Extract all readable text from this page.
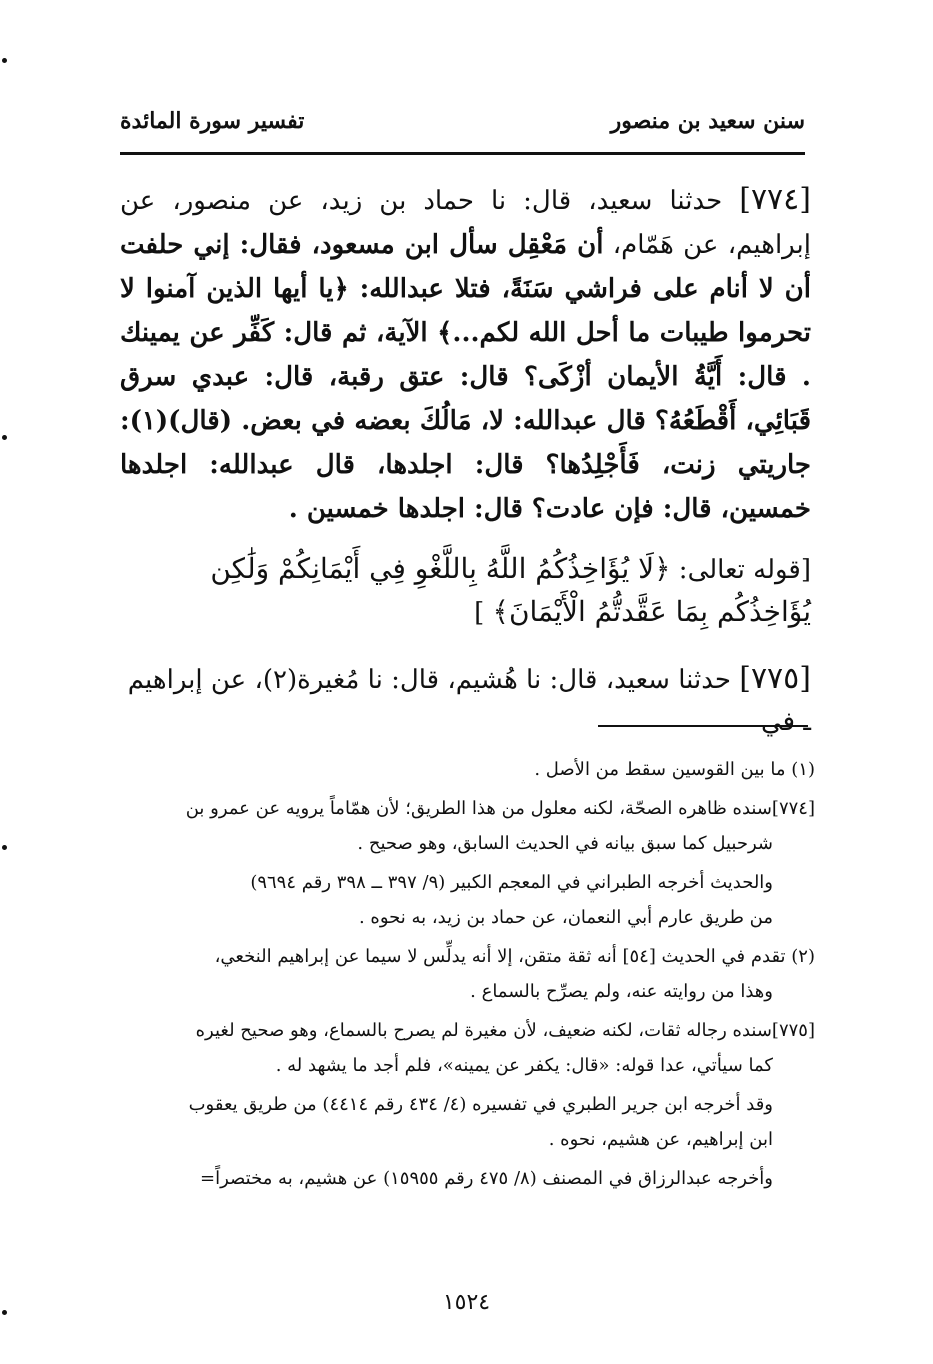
سنن سعيد بن منصور
تفسير سورة المائدة

[٧٧٤] حدثنا سعيد، قال: نا حماد بن زيد، عن منصور، عن إبراهيم، عن هَمّام، أن مَعْقِل سأل ابن مسعود، فقال: إني حلفت أن لا أنام على فراشي سَنَةً، فتلا عبدالله: ﴿يا أيها الذين آمنوا لا تحرموا طيبات ما أحل الله لكم...﴾ الآية، ثم قال: كَفِّر عن يمينك . قال: أَيَّةُ الأيمان أزْكَى؟ قال: عتق رقبة، قال: عبدي سرق قَبَائِي، أَقْطَعُهُ؟ قال عبدالله: لا، مَالُكَ بعضه في بعض. (قال)(١): جاريتي زنت، فَأَجْلِدُها؟ قال: اجلدها، قال عبدالله: اجلدها خمسين، قال: فإن عادت؟ قال: اجلدها خمسين .

[قوله تعالى: ﴿لَا يُؤَاخِذُكُمُ اللَّهُ بِاللَّغْوِ فِي أَيْمَانِكُمْ وَلَٰكِن يُؤَاخِذُكُم بِمَا عَقَّدتُّمُ الْأَيْمَانَ﴾ ]
[٧٧٥] حدثنا سعيد، قال: نا هُشيم، قال: نا مُغيرة(٢)، عن إبراهيم ـ في

(١) ما بين القوسين سقط من الأصل .

[٧٧٤]سنده ظاهره الصحّة، لكنه معلول من هذا الطريق؛ لأن همّاماً يرويه عن عمرو بن

شرحبيل كما سبق بيانه في الحديث السابق، وهو صحيح .

والحديث أخرجه الطبراني في المعجم الكبير (٩/ ٣٩٧ ــ ٣٩٨ رقم ٩٦٩٤)

من طريق عارم أبي النعمان، عن حماد بن زيد، به نحوه .

(٢) تقدم في الحديث [٥٤] أنه ثقة متقن، إلا أنه يدلِّس لا سيما عن إبراهيم النخعي،

وهذا من روايته عنه، ولم يصرِّح بالسماع .

[٧٧٥]سنده رجاله ثقات، لكنه ضعيف، لأن مغيرة لم يصرح بالسماع، وهو صحيح لغيره

كما سيأتي، عدا قوله: «قال: يكفر عن يمينه»، فلم أجد ما يشهد له .

وقد أخرجه ابن جرير الطبري في تفسيره (٤/ ٤٣٤ رقم ٤٤١٤) من طريق يعقوب

ابن إبراهيم، عن هشيم، نحوه .

وأخرجه عبدالرزاق في المصنف (٨/ ٤٧٥ رقم ١٥٩٥٥) عن هشيم، به مختصراً=

١٥٢٤
